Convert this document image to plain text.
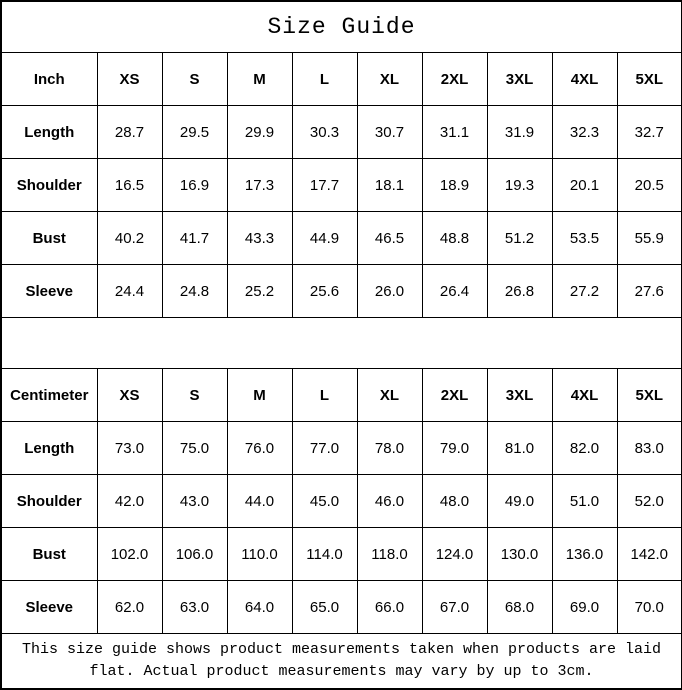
Size Guide									
Inch	XS	S	M	L	XL	2XL	3XL	4XL	5XL
Length	28.7	29.5	29.9	30.3	30.7	31.1	31.9	32.3	32.7
Shoulder	16.5	16.9	17.3	17.7	18.1	18.9	19.3	20.1	20.5
Bust	40.2	41.7	43.3	44.9	46.5	48.8	51.2	53.5	55.9
Sleeve	24.4	24.8	25.2	25.6	26.0	26.4	26.8	27.2	27.6

Centimeter	XS	S	M	L	XL	2XL	3XL	4XL	5XL
Length	73.0	75.0	76.0	77.0	78.0	79.0	81.0	82.0	83.0
Shoulder	42.0	43.0	44.0	45.0	46.0	48.0	49.0	51.0	52.0
Bust	102.0	106.0	110.0	114.0	118.0	124.0	130.0	136.0	142.0
Sleeve	62.0	63.0	64.0	65.0	66.0	67.0	68.0	69.0	70.0
This size guide shows product measurements taken when products are laid flat. Actual product measurements may vary by up to 3cm.									
